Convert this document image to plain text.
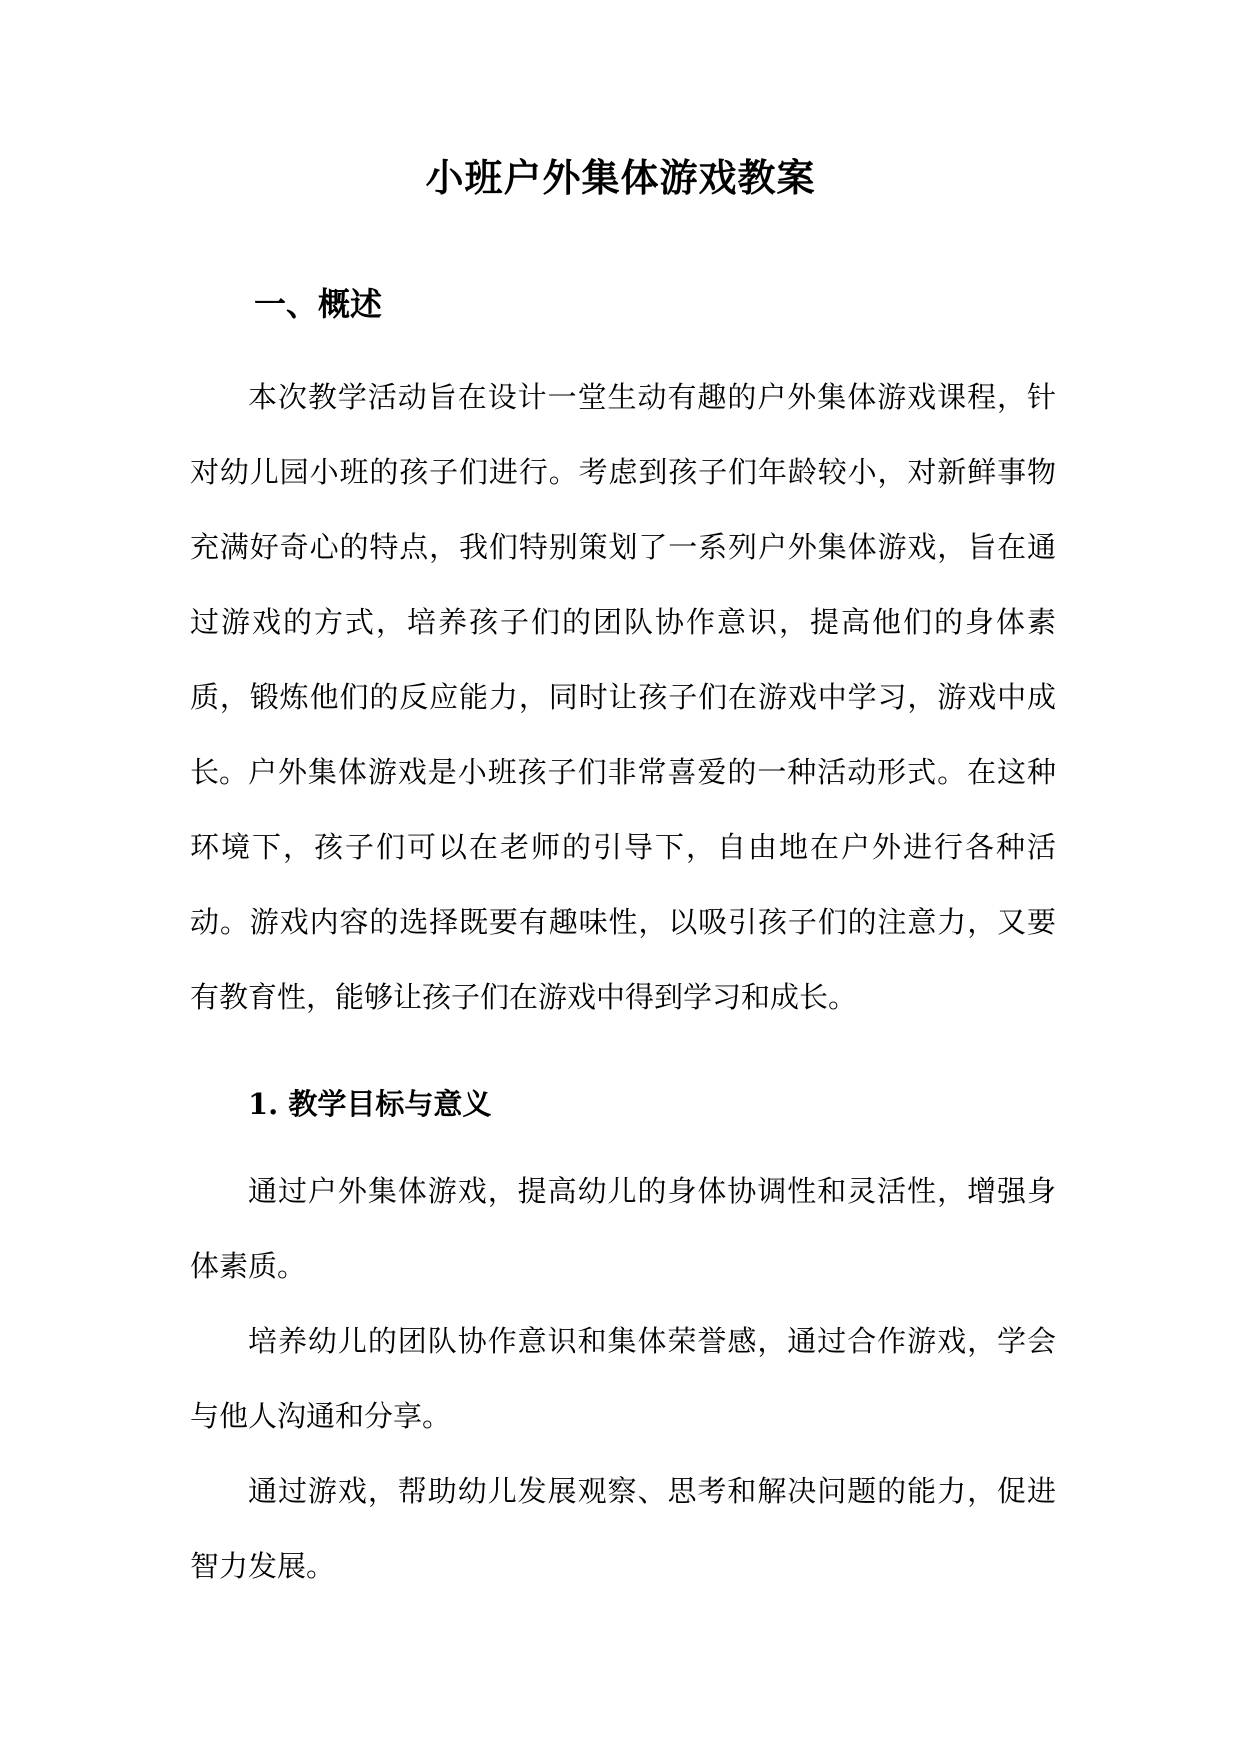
小班户外集体游戏教案
一、概述

本次教学活动旨在设计一堂生动有趣的户外集体游戏课程，针对幼儿园小班的孩子们进行。考虑到孩子们年龄较小，对新鲜事物充满好奇心的特点，我们特别策划了一系列户外集体游戏，旨在通过游戏的方式，培养孩子们的团队协作意识，提高他们的身体素质，锻炼他们的反应能力，同时让孩子们在游戏中学习，游戏中成长。 户外集体游戏是小班孩子们非常喜爱的一种活动形式。在这种环境下，孩子们可以在老师的引导下，自由地在户外进行各种活动。游戏内容的选择既要有趣味性，以吸引孩子们的注意力，又要有教育性，能够让孩子们在游戏中得到学习和成长。

1. 教学目标与意义

通过户外集体游戏，提高幼儿的身体协调性和灵活性，增强身体素质。

培养幼儿的团队协作意识和集体荣誉感，通过合作游戏，学会与他人沟通和分享。

通过游戏，帮助幼儿发展观察、思考和解决问题的能力，促进智力发展。
